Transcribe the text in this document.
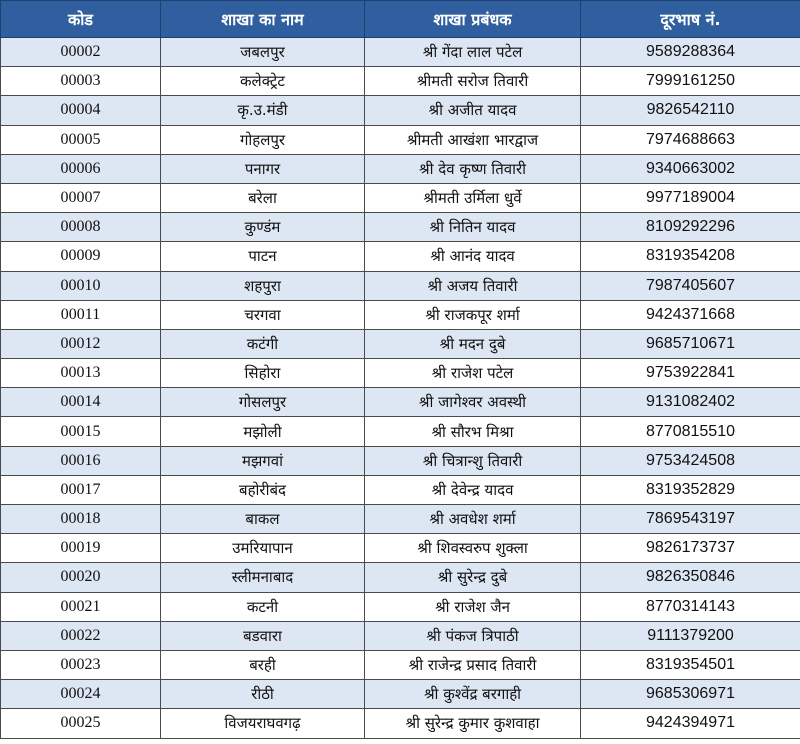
कोड	शाखा का नाम	शाखा प्रबंधक	दूरभाष नं.
00002	जबलपुर	श्री गेंदा लाल पटेल	9589288364
00003	कलेक्ट्रेट	श्रीमती सरोज तिवारी	7999161250
00004	कृ.उ.मंडी	श्री अजीत यादव	9826542110
00005	गोहलपुर	श्रीमती आखंशा भारद्वाज	7974688663
00006	पनागर	श्री देव कृष्ण तिवारी	9340663002
00007	बरेला	श्रीमती उर्मिला धुर्वे	9977189004
00008	कुण्डंम	श्री नितिन यादव	8109292296
00009	पाटन	श्री आनंद यादव	8319354208
00010	शहपुरा	श्री अजय तिवारी	7987405607
00011	चरगवा	श्री राजकपूर शर्मा	9424371668
00012	कटंगी	श्री मदन दुबे	9685710671
00013	सिहोरा	श्री राजेश पटेल	9753922841
00014	गोसलपुर	श्री जागेश्वर अवस्थी	9131082402
00015	मझोली	श्री सौरभ मिश्रा	8770815510
00016	मझगवां	श्री चित्रान्शु तिवारी	9753424508
00017	बहोरीबंद	श्री देवेन्द्र यादव	8319352829
00018	बाकल	श्री अवधेश शर्मा	7869543197
00019	उमरियापान	श्री शिवस्वरुप शुक्ला	9826173737
00020	स्लीमनाबाद	श्री सुरेन्द्र दुबे	9826350846
00021	कटनी	श्री राजेश जैन	8770314143
00022	बडवारा	श्री पंकज त्रिपाठी	9111379200
00023	बरही	श्री राजेन्द्र प्रसाद तिवारी	8319354501
00024	रीठी	श्री कुश्वेंद्र बरगाही	9685306971
00025	विजयराघवगढ़	श्री सुरेन्द्र कुमार कुशवाहा	9424394971
